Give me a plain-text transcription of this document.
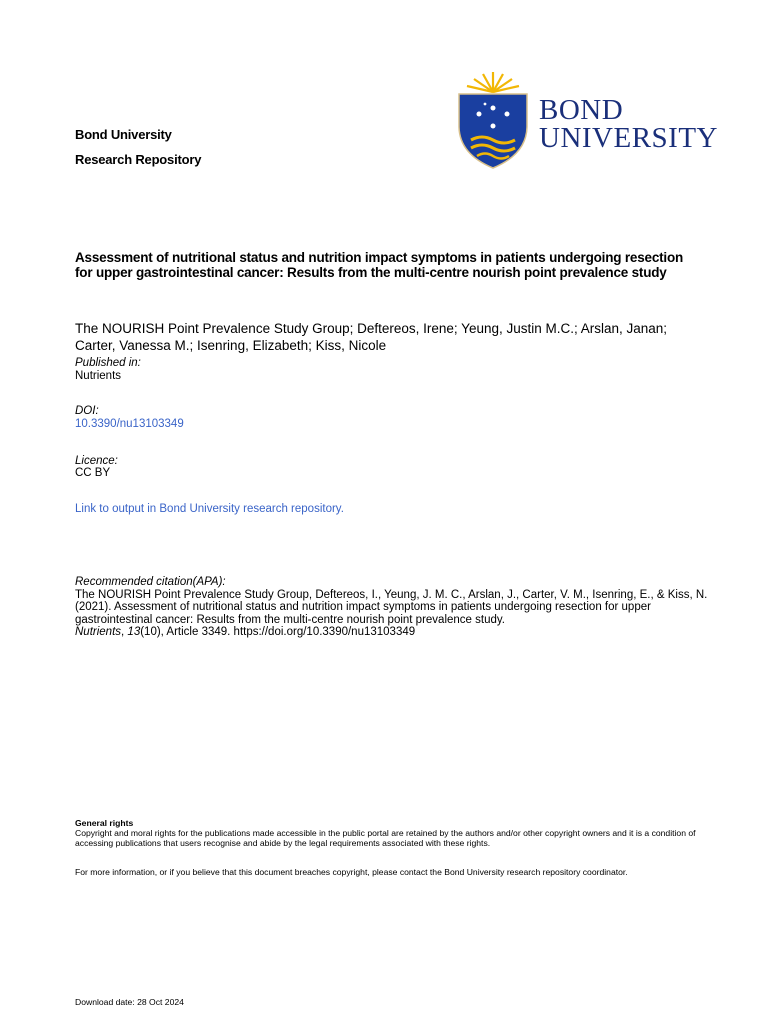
Bond University
Research Repository
BOND
UNIVERSITY
Assessment of nutritional status and nutrition impact symptoms in patients undergoing resection for upper gastrointestinal cancer: Results from the multi-centre nourish point prevalence study
The NOURISH Point Prevalence Study Group; Deftereos, Irene; Yeung, Justin M.C.; Arslan, Janan; Carter, Vanessa M.; Isenring, Elizabeth; Kiss, Nicole
Published in:
Nutrients
DOI:
10.3390/nu13103349
Licence:
CC BY
Link to output in Bond University research repository.
Recommended citation(APA):
The NOURISH Point Prevalence Study Group, Deftereos, I., Yeung, J. M. C., Arslan, J., Carter, V. M., Isenring, E., & Kiss, N. (2021). Assessment of nutritional status and nutrition impact symptoms in patients undergoing resection for upper gastrointestinal cancer: Results from the multi-centre nourish point prevalence study.
Nutrients, 13(10), Article 3349. https://doi.org/10.3390/nu13103349
General rights
Copyright and moral rights for the publications made accessible in the public portal are retained by the authors and/or other copyright owners and it is a condition of accessing publications that users recognise and abide by the legal requirements associated with these rights.
For more information, or if you believe that this document breaches copyright, please contact the Bond University research repository coordinator.
Download date: 28 Oct 2024
